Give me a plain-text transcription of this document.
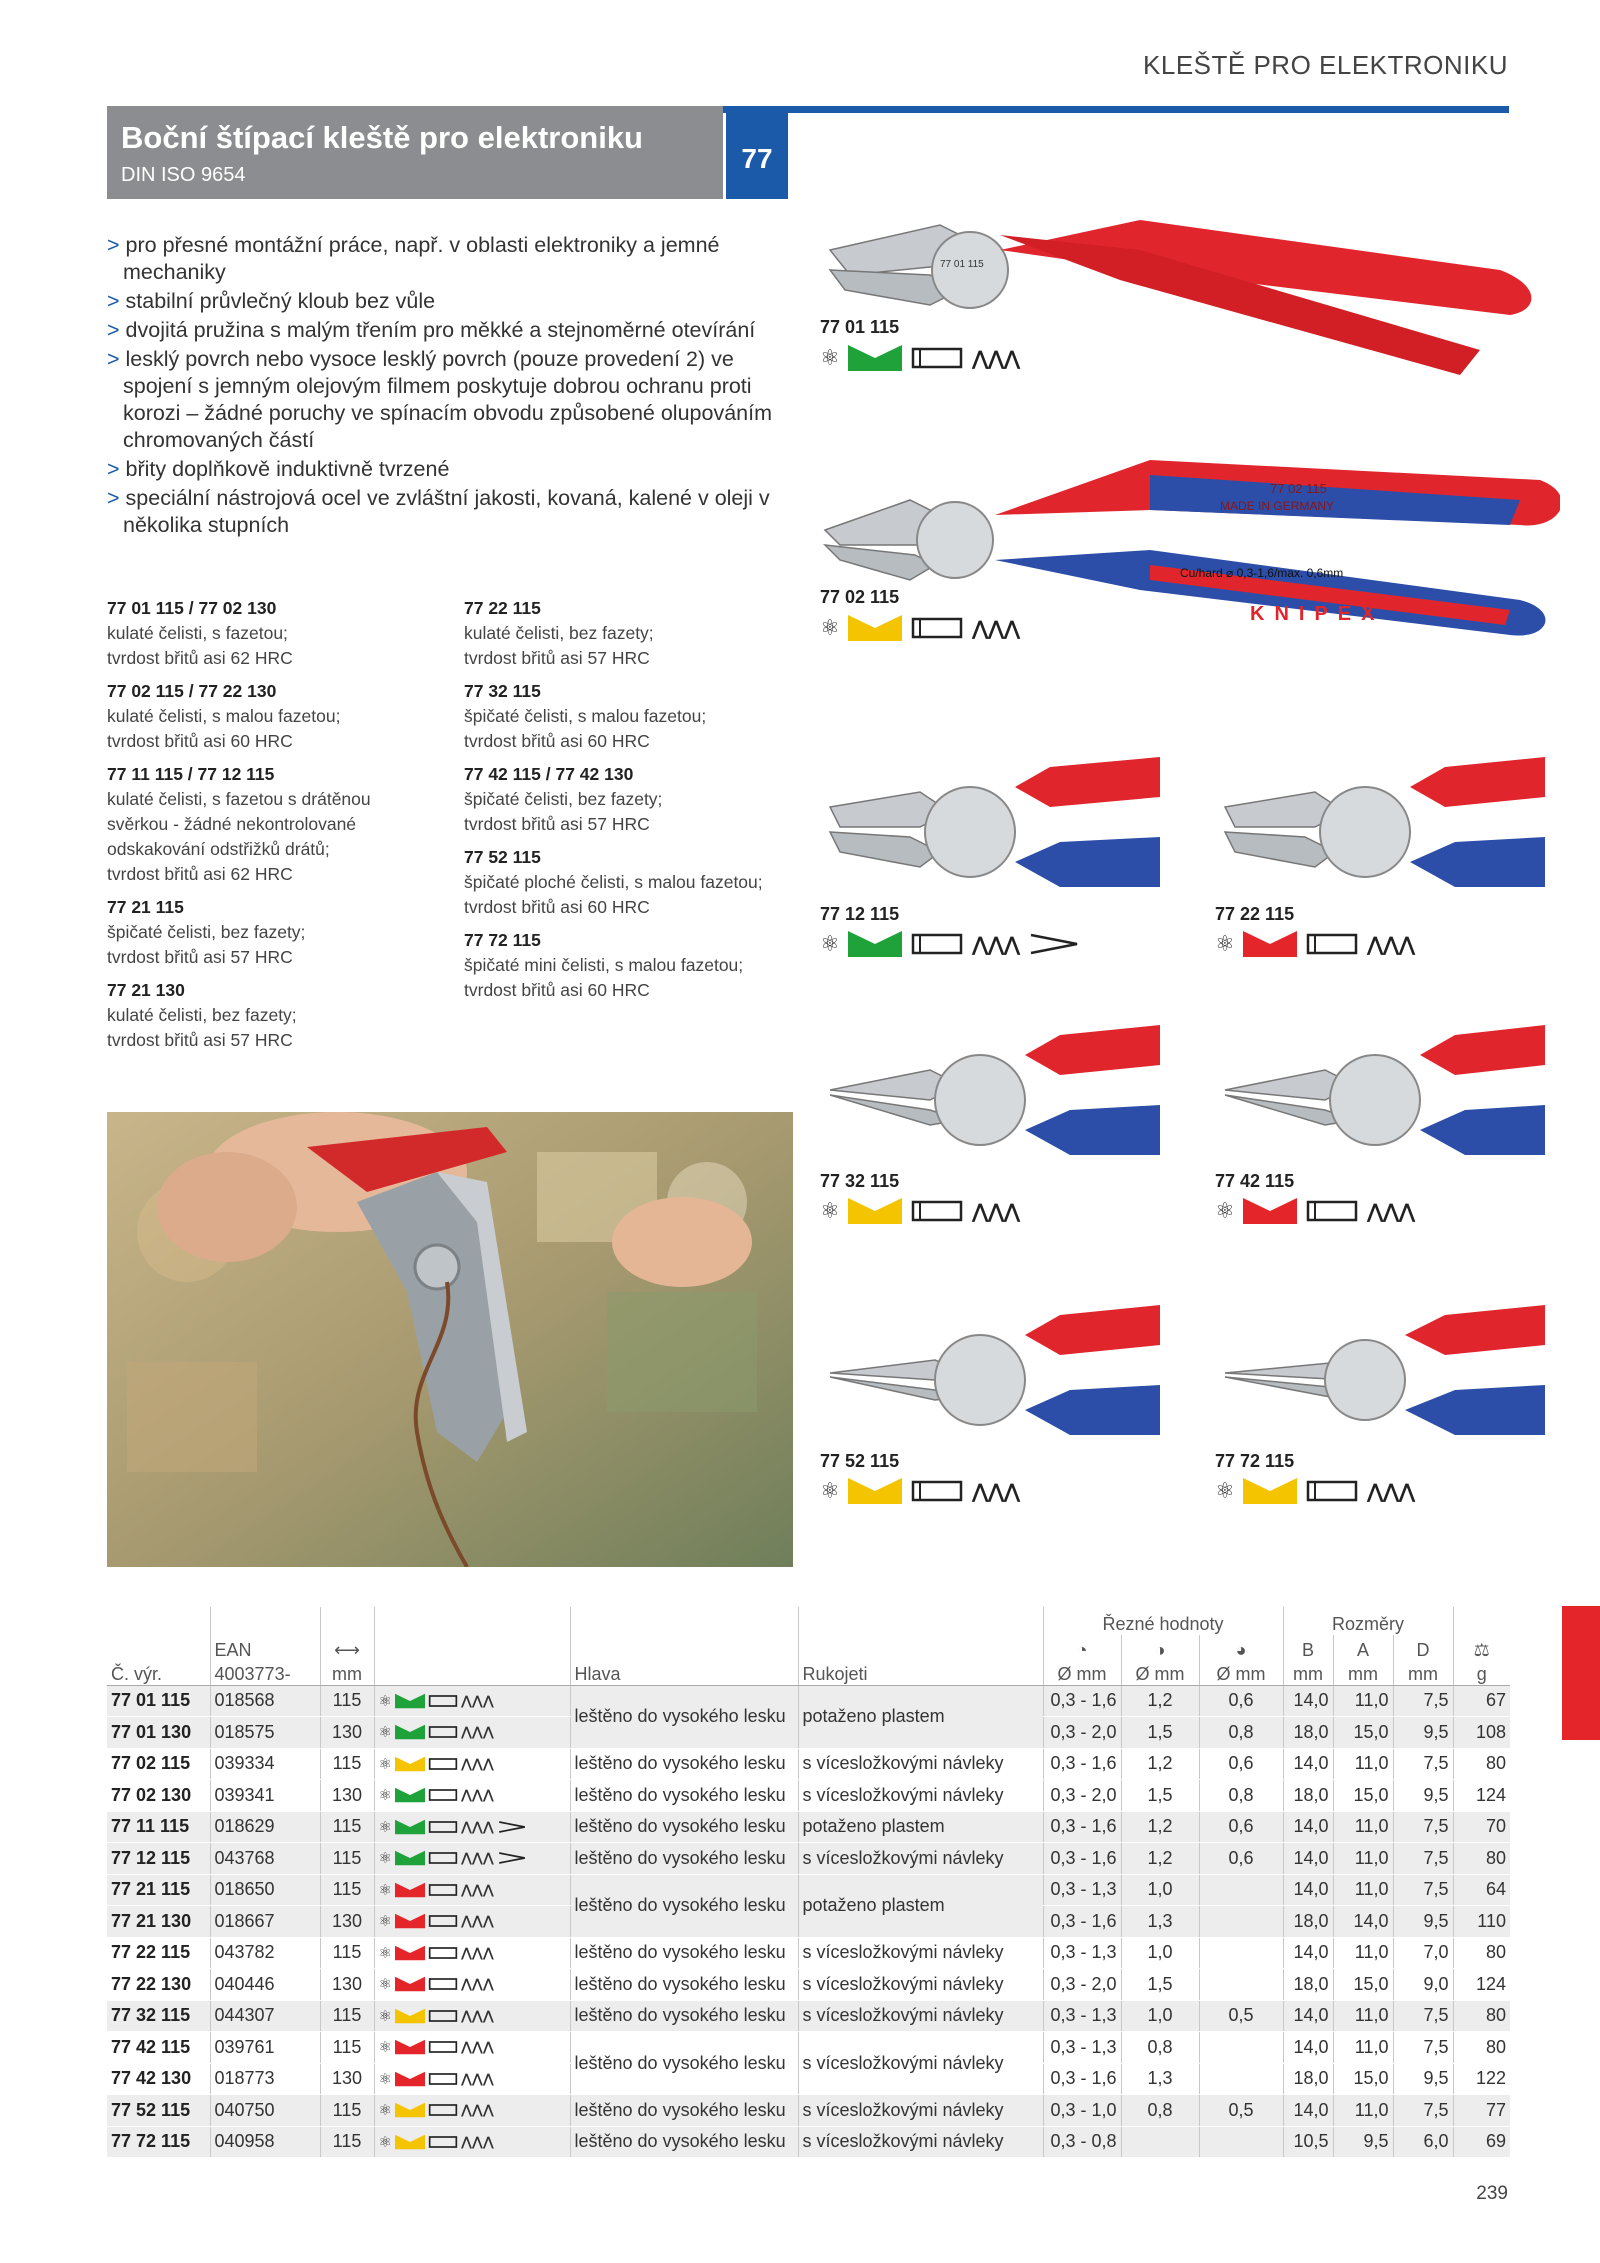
KLEŠTĚ PRO ELEKTRONIKU
Boční štípací kleště pro elektroniku
DIN ISO 9654
77
> pro přesné montážní práce, např. v oblasti elektroniky a jemné mechaniky
> stabilní průvlečný kloub bez vůle
> dvojitá pružina s malým třením pro měkké a stejnoměrné otevírání
> lesklý povrch nebo vysoce lesklý povrch (pouze provedení 2) ve spojení s jemným olejovým filmem poskytuje dobrou ochranu proti korozi – žádné poruchy ve spínacím obvodu způsobené olupováním chromovaných částí
> břity doplňkově induktivně tvrzené
> speciální nástrojová ocel ve zvláštní jakosti, kovaná, kalené v oleji v několika stupních
77 01 115 / 77 02 130
kulaté čelisti, s fazetou;
tvrdost břitů asi 62 HRC
77 02 115 / 77 22 130
kulaté čelisti, s malou fazetou;
tvrdost břitů asi 60 HRC
77 11 115 / 77 12 115
kulaté čelisti, s fazetou s drátěnou svěrkou - žádné nekontrolované odskakování odstřižků drátů;
tvrdost břitů asi 62 HRC
77 21 115
špičaté čelisti, bez fazety;
tvrdost břitů asi 57 HRC
77 21 130
kulaté čelisti, bez fazety;
tvrdost břitů asi 57 HRC
77 22 115
kulaté čelisti, bez fazety;
tvrdost břitů asi 57 HRC
77 32 115
špičaté čelisti, s malou fazetou;
tvrdost břitů asi 60 HRC
77 42 115 / 77 42 130
špičaté čelisti, bez fazety;
tvrdost břitů asi 57 HRC
77 52 115
špičaté ploché čelisti, s malou fazetou;
tvrdost břitů asi 60 HRC
77 72 115
špičaté mini čelisti, s malou fazetou;
tvrdost břitů asi 60 HRC
77 01 115
77 01 115
⚛	⋀⋀⋀
77 02 115
MADE IN GERMANY
Cu/hard ⌀ 0,3-1,6/max. 0,6mm
KNIPEX
77 02 115
⚛	⋀⋀⋀
77 12 115
⚛	⋀⋀⋀
77 22 115
⚛	⋀⋀⋀
77 32 115
⚛	⋀⋀⋀
77 42 115
⚛	⋀⋀⋀
77 52 115
⚛	⋀⋀⋀
77 72 115
⚛	⋀⋀⋀
						Řezné hodnoty			Rozměry			
	EAN	⟷				◔	◑	◕	B	A	D	⚖
Č. výr.	4003773-	mm		Hlava	Rukojeti	Ø mm	Ø mm	Ø mm	mm	mm	mm	g
77 01 115	018568	115	⚛ ⋀⋀⋀	leštěno do vysokého lesku	potaženo plastem	0,3 - 1,6	1,2	0,6	14,0	11,0	7,5	67
77 01 130	018575	130	⚛ ⋀⋀⋀			0,3 - 2,0	1,5	0,8	18,0	15,0	9,5	108
77 02 115	039334	115	⚛ ⋀⋀⋀	leštěno do vysokého lesku	s vícesložkovými návleky	0,3 - 1,6	1,2	0,6	14,0	11,0	7,5	80
77 02 130	039341	130	⚛ ⋀⋀⋀	leštěno do vysokého lesku	s vícesložkovými návleky	0,3 - 2,0	1,5	0,8	18,0	15,0	9,5	124
77 11 115	018629	115	⚛ ⋀⋀⋀	leštěno do vysokého lesku	potaženo plastem	0,3 - 1,6	1,2	0,6	14,0	11,0	7,5	70
77 12 115	043768	115	⚛ ⋀⋀⋀	leštěno do vysokého lesku	s vícesložkovými návleky	0,3 - 1,6	1,2	0,6	14,0	11,0	7,5	80
77 21 115	018650	115	⚛ ⋀⋀⋀	leštěno do vysokého lesku	potaženo plastem	0,3 - 1,3	1,0		14,0	11,0	7,5	64
77 21 130	018667	130	⚛ ⋀⋀⋀			0,3 - 1,6	1,3		18,0	14,0	9,5	110
77 22 115	043782	115	⚛ ⋀⋀⋀	leštěno do vysokého lesku	s vícesložkovými návleky	0,3 - 1,3	1,0		14,0	11,0	7,0	80
77 22 130	040446	130	⚛ ⋀⋀⋀	leštěno do vysokého lesku	s vícesložkovými návleky	0,3 - 2,0	1,5		18,0	15,0	9,0	124
77 32 115	044307	115	⚛ ⋀⋀⋀	leštěno do vysokého lesku	s vícesložkovými návleky	0,3 - 1,3	1,0	0,5	14,0	11,0	7,5	80
77 42 115	039761	115	⚛ ⋀⋀⋀	leštěno do vysokého lesku	s vícesložkovými návleky	0,3 - 1,3	0,8		14,0	11,0	7,5	80
77 42 130	018773	130	⚛ ⋀⋀⋀			0,3 - 1,6	1,3		18,0	15,0	9,5	122
77 52 115	040750	115	⚛ ⋀⋀⋀	leštěno do vysokého lesku	s vícesložkovými návleky	0,3 - 1,0	0,8	0,5	14,0	11,0	7,5	77
77 72 115	040958	115	⚛ ⋀⋀⋀	leštěno do vysokého lesku	s vícesložkovými návleky	0,3 - 0,8			10,5	9,5	6,0	69
239
